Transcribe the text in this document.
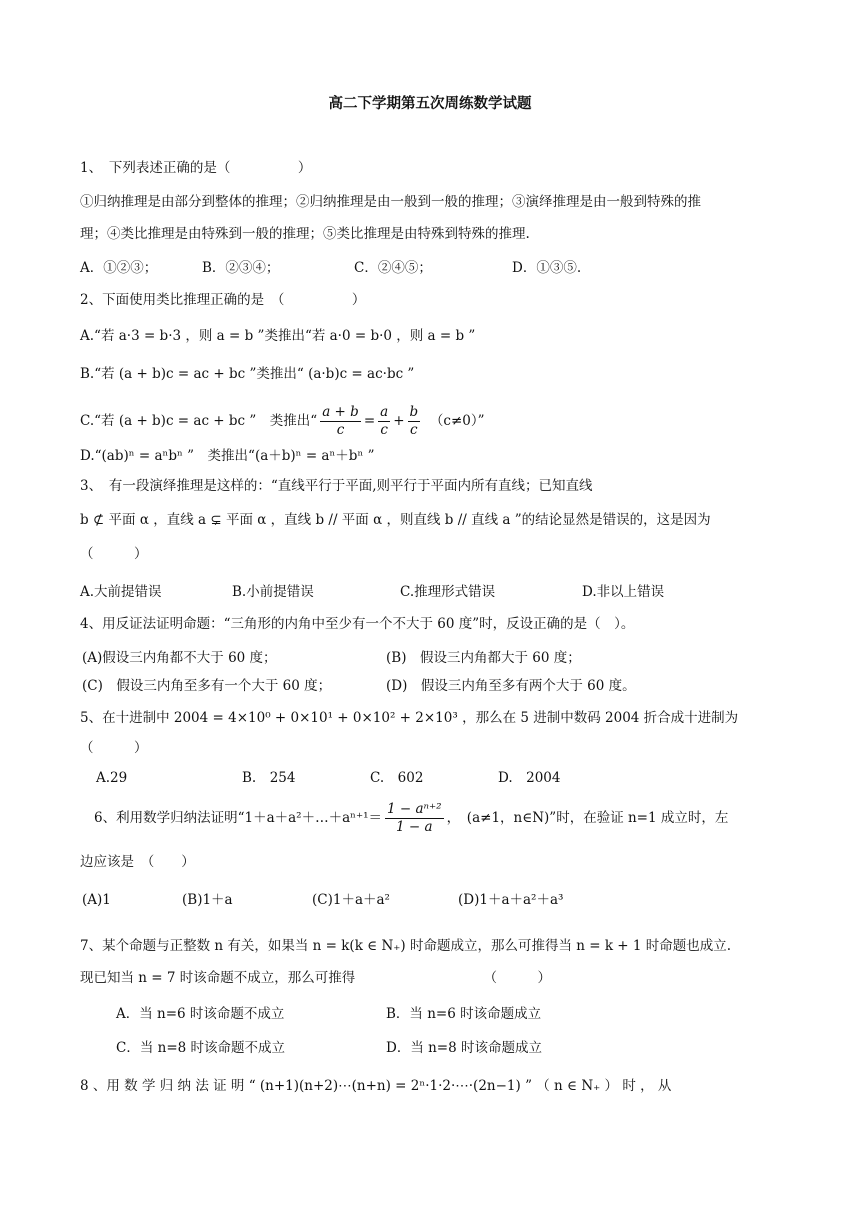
高二下学期第五次周练数学试题
1、　下列表述正确的是（　　　　　）
①归纳推理是由部分到整体的推理；②归纳推理是由一般到一般的推理；③演绎推理是由一般到特殊的推
理；④类比推理是由特殊到一般的推理；⑤类比推理是由特殊到特殊的推理.
A．①②③；	B．②③④；	C．②④⑤；	D．①③⑤.
2、下面使用类比推理正确的是　（　　　　　）
A.“若 a·3 = b·3 ，则 a = b ”类推出“若 a·0 = b·0 ，则 a = b ”
B.“若 (a + b)c = ac + bc ”类推出“ (a·b)c = ac·bc ”
C.“若 (a + b)c = ac + bc ”　类推出“ $\frac{a + b}{c} = \frac{a}{c} + \frac{b}{c}$ 　（c≠0）”
D.“(ab)ⁿ = aⁿbⁿ ”　类推出“(a＋b)ⁿ = aⁿ＋bⁿ ”
3、　有一段演绎推理是这样的：“直线平行于平面,则平行于平面内所有直线；已知直线
b ⊄ 平面 α ，直线 a ⊊ 平面 α ，直线 b // 平面 α ，则直线 b // 直线 a ”的结论显然是错误的，这是因为
（　　　）
A.大前提错误	B.小前提错误	C.推理形式错误	D.非以上错误
4、用反证法证明命题：“三角形的内角中至少有一个不大于 60 度”时，反设正确的是（　）。
(A)假设三内角都不大于 60 度；	(B)　假设三内角都大于 60 度；
(C)　假设三内角至多有一个大于 60 度；	(D)　假设三内角至多有两个大于 60 度。
5、在十进制中 2004 = 4×10⁰ + 0×10¹ + 0×10² + 2×10³ ，那么在 5 进制中数码 2004 折合成十进制为
（　　　）
A.29	B.　254	C.　602	D.　2004
6、利用数学归纳法证明“1＋a＋a²＋…＋aⁿ⁺¹＝ $\frac{\text{1 − aⁿ⁺²}}{1 - a}$ ，　(a≠1，n∈N)”时，在验证 n=1 成立时，左
边应该是　（　　）
(A)1	(B)1＋a	(C)1＋a＋a²	(D)1＋a＋a²＋a³
7、某个命题与正整数 n 有关，如果当 n = k(k ∈ N₊) 时命题成立，那么可推得当 n = k + 1 时命题也成立.
现已知当 n = 7 时该命题不成立，那么可推得　　　　　　　　　　（　　　）
A．当 n=6 时该命题不成立	B．当 n=6 时该命题成立
C．当 n=8 时该命题不成立	D．当 n=8 时该命题成立
8 、用 数 学 归 纳 法 证 明 “ (n+1)(n+2)⋯(n+n) = 2ⁿ·1·2·⋯·(2n−1) ” （ n ∈ N₊ ） 时 ， 从
